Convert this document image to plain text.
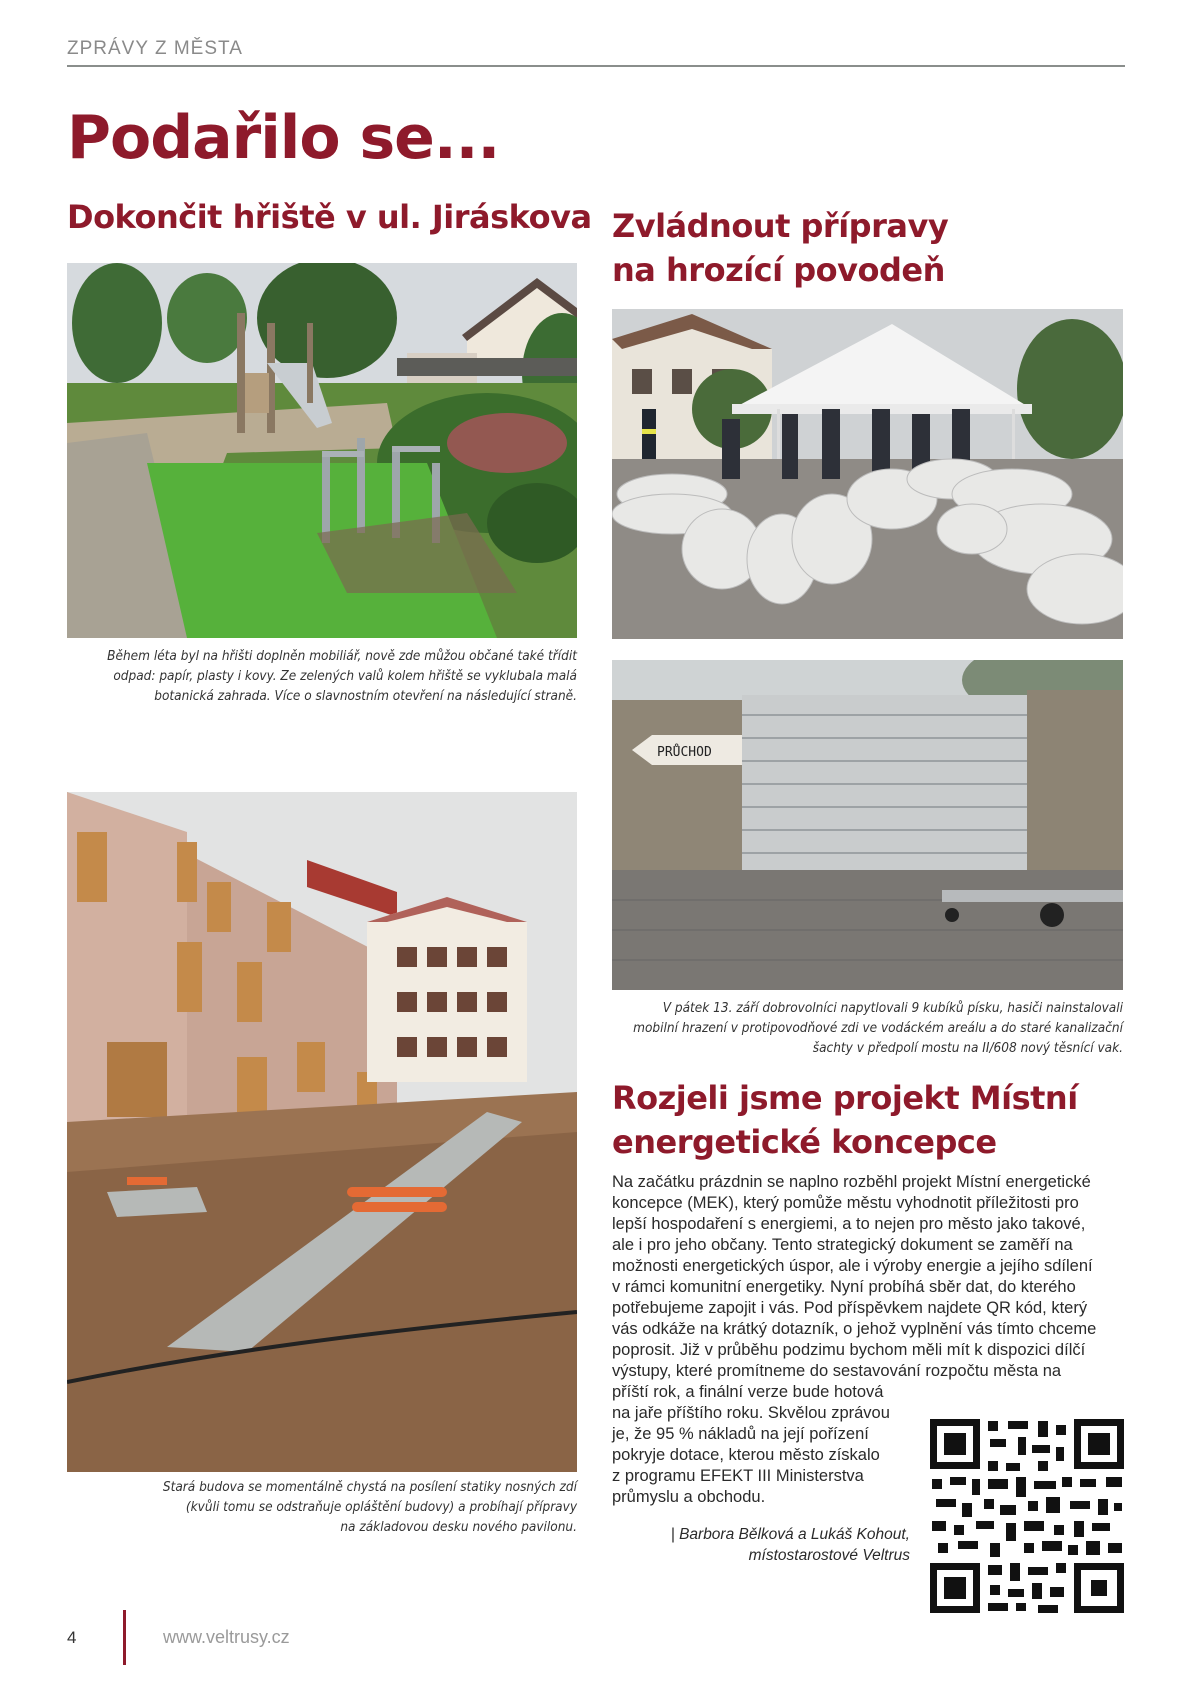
ZPRÁVY Z MĚSTA
Podařilo se...
Dokončit hřiště v ul. Jiráskova
Během léta byl na hřišti doplněn mobiliář, nově zde můžou občané také třídit
odpad: papír, plasty i kovy. Ze zelených valů kolem hřiště se vyklubala malá
botanická zahrada. Více o slavnostním otevření na následující straně.
Stará budova se momentálně chystá na posílení statiky nosných zdí
(kvůli tomu se odstraňuje opláštění budovy) a probíhají přípravy
na základovou desku nového pavilonu.
Zvládnout přípravy
na hrozící povodeň
PRŮCHOD
V pátek 13. září dobrovolníci napytlovali 9 kubíků písku, hasiči nainstalovali
mobilní hrazení v protipovodňové zdi ve vodáckém areálu a do staré kanalizační
šachty v předpolí mostu na II/608 nový těsnící vak.
Rozjeli jsme projekt Místní
energetické koncepce
Na začátku prázdnin se naplno rozběhl projekt Místní energetické
koncepce (MEK), který pomůže městu vyhodnotit příležitosti pro
lepší hospodaření s energiemi, a to nejen pro město jako takové,
ale i pro jeho občany. Tento strategický dokument se zaměří na
možnosti energetických úspor, ale i výroby energie a jejího sdílení
v rámci komunitní energetiky. Nyní probíhá sběr dat, do kterého
potřebujeme zapojit i vás. Pod příspěvkem najdete QR kód, který
vás odkáže na krátký dotazník, o jehož vyplnění vás tímto chceme
poprosit. Již v průběhu podzimu bychom měli mít k dispozici dílčí
výstupy, které promítneme do sestavování rozpočtu města na
příští rok, a finální verze bude hotová
na jaře příštího roku. Skvělou zprávou
je, že 95 % nákladů na její pořízení
pokryje dotace, kterou město získalo
z programu EFEKT III Ministerstva
průmyslu a obchodu.
| Barbora Bělková a Lukáš Kohout,
místostarostové Veltrus
4	www.veltrusy.cz
